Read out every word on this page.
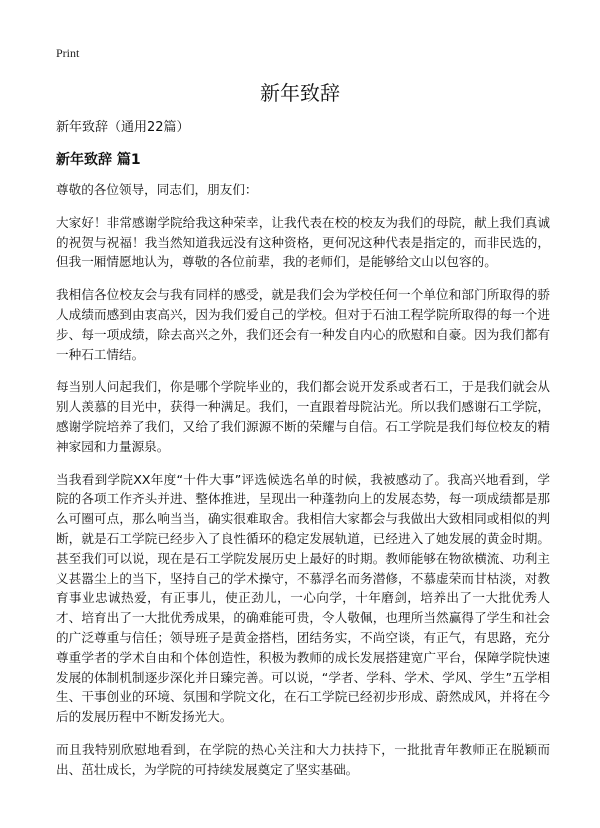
Print
新年致辞

新年致辞（通用22篇）

新年致辞 篇1

尊敬的各位领导，同志们，朋友们：

大家好！非常感谢学院给我这种荣幸，让我代表在校的校友为我们的母院，献上我们真诚的祝贺与祝福！我当然知道我远没有这种资格，更何况这种代表是指定的，而非民选的，但我一厢情愿地认为，尊敬的各位前辈，我的老师们，是能够给文山以包容的。

我相信各位校友会与我有同样的感受，就是我们会为学校任何一个单位和部门所取得的骄人成绩而感到由衷高兴，因为我们爱自己的学校。但对于石油工程学院所取得的每一个进步、每一项成绩，除去高兴之外，我们还会有一种发自内心的欣慰和自豪。因为我们都有一种石工情结。

每当别人问起我们，你是哪个学院毕业的，我们都会说开发系或者石工，于是我们就会从别人羡慕的目光中，获得一种满足。我们，一直跟着母院沾光。所以我们感谢石工学院，感谢学院培养了我们，又给了我们源源不断的荣耀与自信。石工学院是我们每位校友的精神家园和力量源泉。

当我看到学院XX年度“十件大事”评选候选名单的时候，我被感动了。我高兴地看到，学院的各项工作齐头并进、整体推进，呈现出一种蓬勃向上的发展态势，每一项成绩都是那么可圈可点，那么响当当，确实很难取舍。我相信大家都会与我做出大致相同或相似的判断，就是石工学院已经步入了良性循环的稳定发展轨道，已经进入了她发展的黄金时期。甚至我们可以说，现在是石工学院发展历史上最好的时期。教师能够在物欲横流、功利主义甚嚣尘上的当下，坚持自己的学术操守，不慕浮名而务潜修，不慕虚荣而甘枯淡，对教育事业忠诚热爱，有正事儿，使正劲儿，一心向学，十年磨剑，培养出了一大批优秀人才、培育出了一大批优秀成果，的确难能可贵，令人敬佩，也理所当然赢得了学生和社会的广泛尊重与信任；领导班子是黄金搭档，团结务实，不尚空谈，有正气，有思路，充分尊重学者的学术自由和个体创造性，积极为教师的成长发展搭建宽广平台，保障学院快速发展的体制机制逐步深化并日臻完善。可以说，“学者、学科、学术、学风、学生”五学相生、干事创业的环境、氛围和学院文化，在石工学院已经初步形成、蔚然成风，并将在今后的发展历程中不断发扬光大。

而且我特别欣慰地看到，在学院的热心关注和大力扶持下，一批批青年教师正在脱颖而出、茁壮成长，为学院的可持续发展奠定了坚实基础。
